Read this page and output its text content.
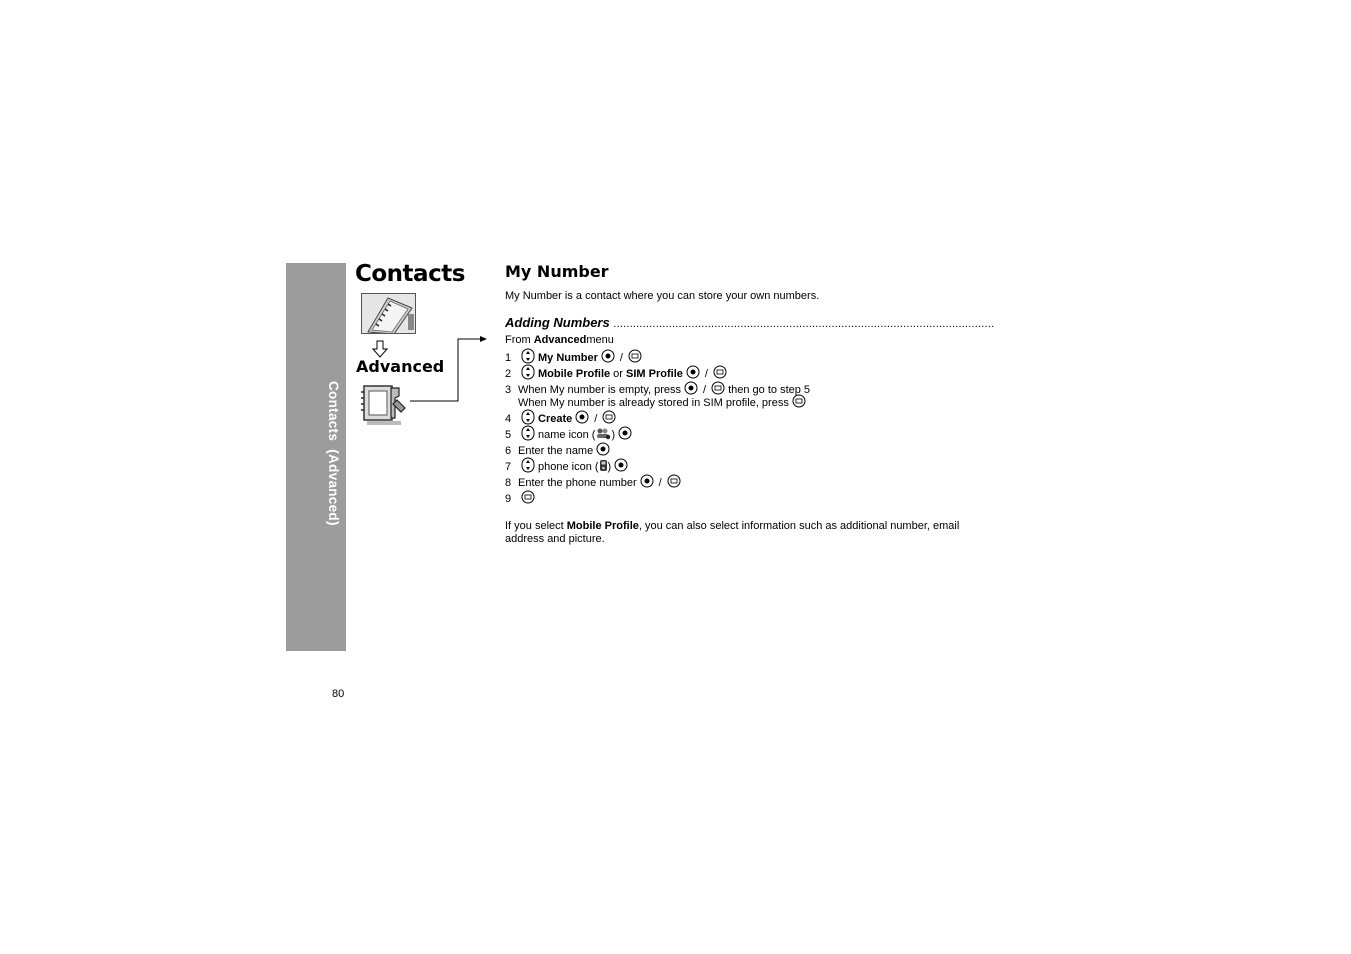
Contacts  (Advanced)
80
Contacts
Advanced
My Number
My Number is a contact where you can store your own numbers.
Adding Numbers .....................................................................................................................
From
Advanced menu
1	My Number /
2	Mobile Profile or SIM Profile /
3 When My number is empty, press / then go to step 5
When My number is already stored in SIM profile, press
4	Create /
5	name icon ( )
6 Enter the name
7	phone icon ( )
8 Enter the phone number /
9
If you select Mobile Profile, you can also select information such as additional number, email address and picture.
